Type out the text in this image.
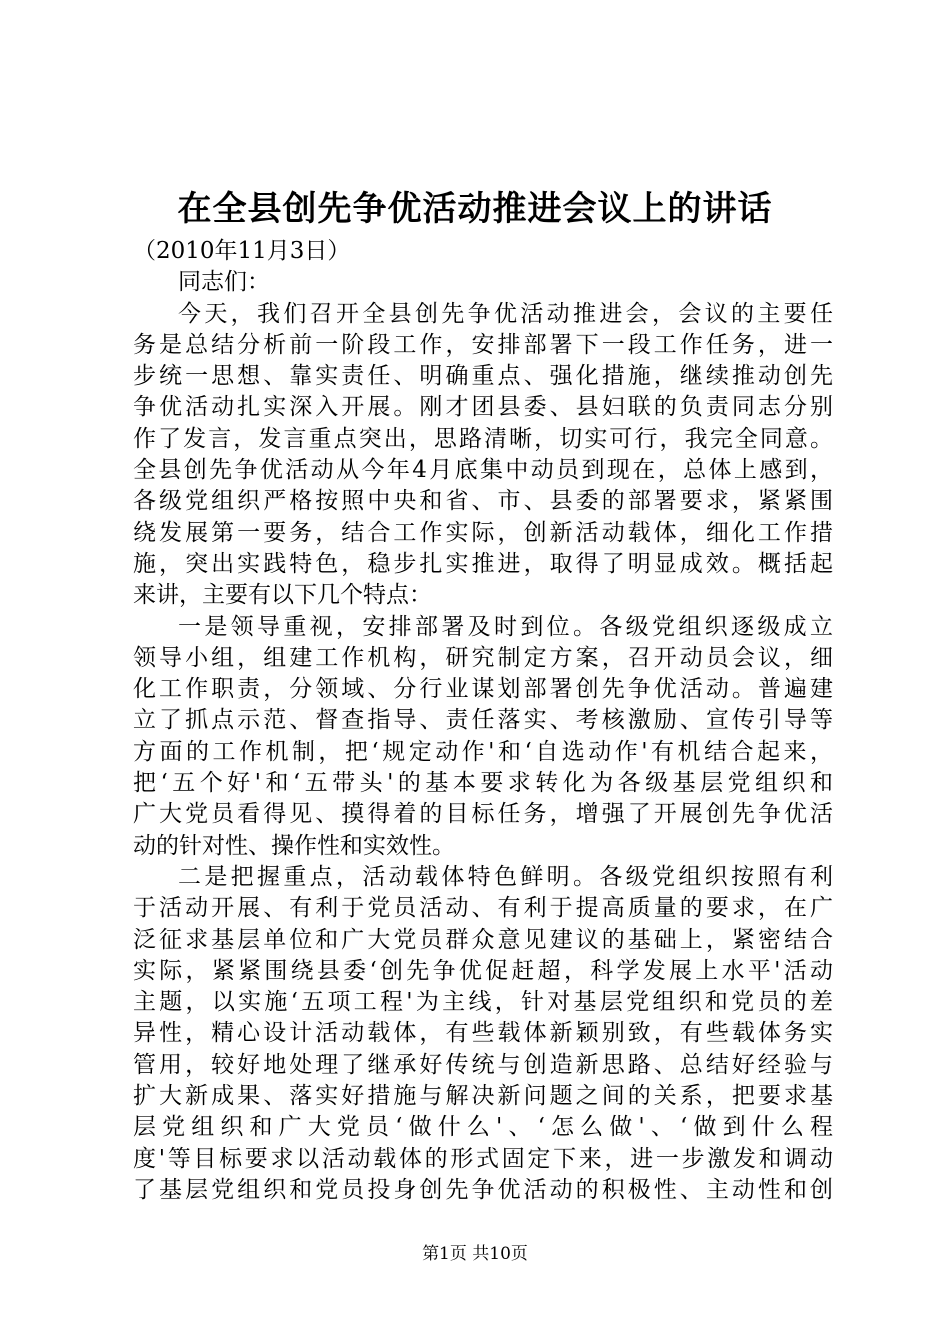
在全县创先争优活动推进会议上的讲话
（2010年11月3日）
同志们：
今天，我们召开全县创先争优活动推进会，会议的主要任
务是总结分析前一阶段工作，安排部署下一段工作任务，进一
步统一思想、靠实责任、明确重点、强化措施，继续推动创先
争优活动扎实深入开展。刚才团县委、县妇联的负责同志分别
作了发言，发言重点突出，思路清晰，切实可行，我完全同意。
全县创先争优活动从今年4月底集中动员到现在，总体上感到，
各级党组织严格按照中央和省、市、县委的部署要求，紧紧围
绕发展第一要务，结合工作实际，创新活动载体，细化工作措
施，突出实践特色，稳步扎实推进，取得了明显成效。概括起
来讲，主要有以下几个特点：
一是领导重视，安排部署及时到位。各级党组织逐级成立
领导小组，组建工作机构，研究制定方案，召开动员会议，细
化工作职责，分领域、分行业谋划部署创先争优活动。普遍建
立了抓点示范、督查指导、责任落实、考核激励、宣传引导等
方面的工作机制，把‘规定动作'和‘自选动作'有机结合起来，
把‘五个好'和‘五带头'的基本要求转化为各级基层党组织和
广大党员看得见、摸得着的目标任务，增强了开展创先争优活
动的针对性、操作性和实效性。
二是把握重点，活动载体特色鲜明。各级党组织按照有利
于活动开展、有利于党员活动、有利于提高质量的要求，在广
泛征求基层单位和广大党员群众意见建议的基础上，紧密结合
实际，紧紧围绕县委‘创先争优促赶超，科学发展上水平'活动
主题，以实施‘五项工程'为主线，针对基层党组织和党员的差
异性，精心设计活动载体，有些载体新颖别致，有些载体务实
管用，较好地处理了继承好传统与创造新思路、总结好经验与
扩大新成果、落实好措施与解决新问题之间的关系，把要求基
层党组织和广大党员‘做什么'、‘怎么做'、‘做到什么程
度'等目标要求以活动载体的形式固定下来，进一步激发和调动
了基层党组织和党员投身创先争优活动的积极性、主动性和创
第1页 共10页
